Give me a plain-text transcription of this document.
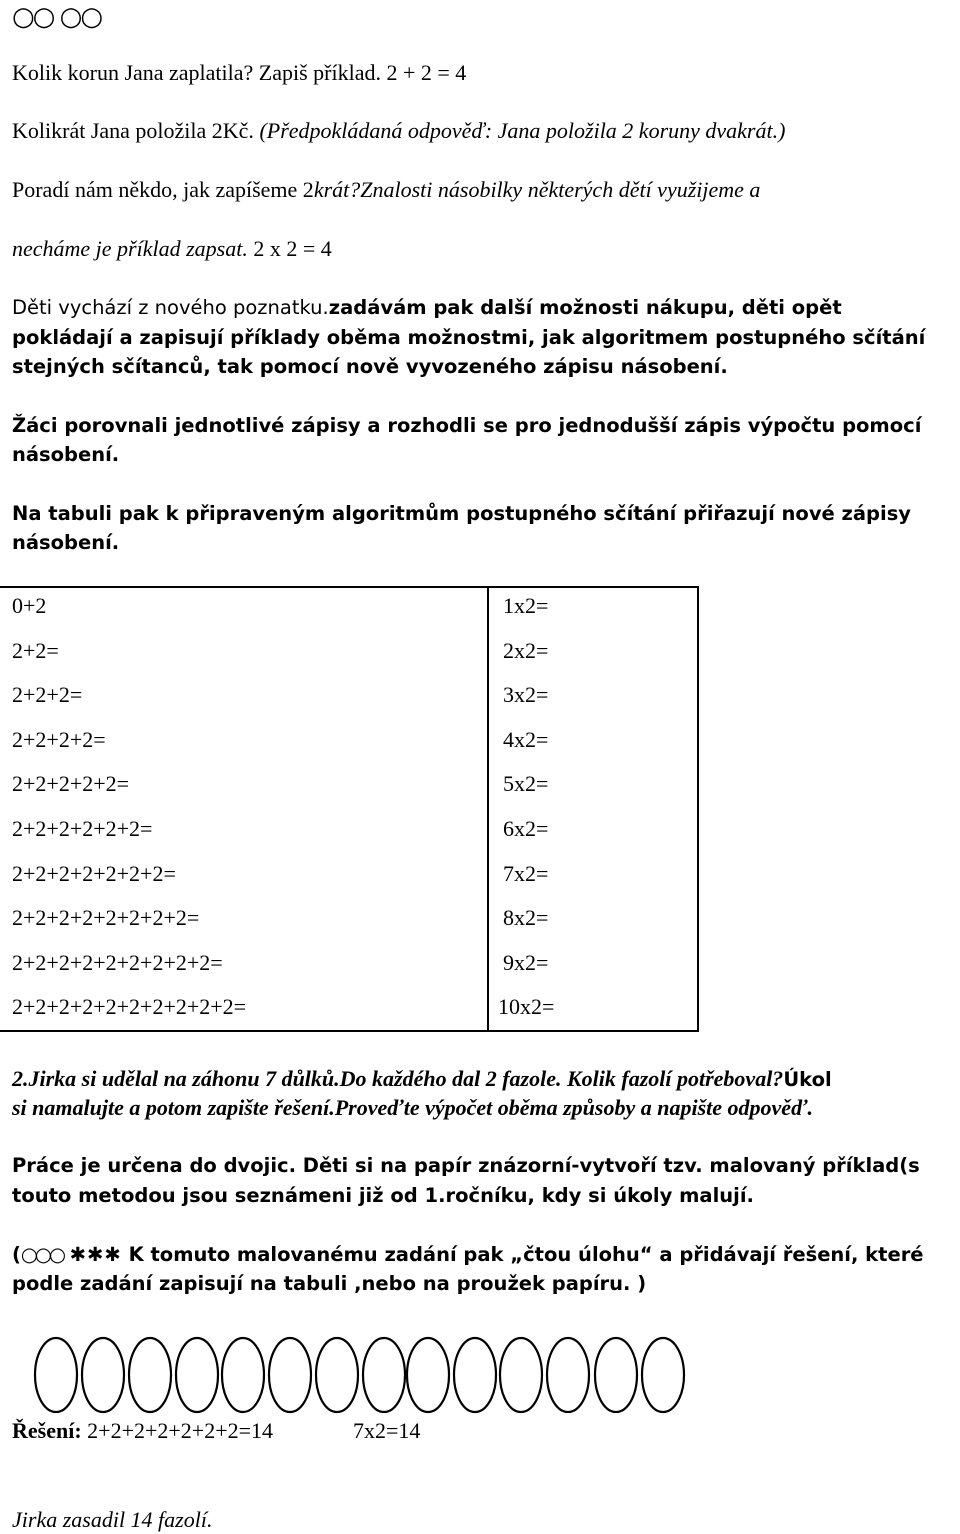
○○ ○○
Kolik korun Jana zaplatila? Zapiš příklad. 2 + 2 = 4
Kolikrát Jana položila 2Kč. (Předpokládaná odpověď: Jana položila 2 koruny dvakrát.)
Poradí nám někdo, jak zapíšeme 2krát?Znalosti násobilky některých dětí využijeme a
necháme je příklad zapsat. 2 x 2 = 4
Děti vychází z nového poznatku.zadávám pak další možnosti nákupu, děti opět
pokládají a zapisují příklady oběma možnostmi, jak algoritmem postupného sčítání
stejných sčítanců, tak pomocí nově vyvozeného zápisu násobení.
Žáci porovnali jednotlivé zápisy a rozhodli se pro jednodušší zápis výpočtu pomocí
násobení.
Na tabuli pak k připraveným algoritmům postupného sčítání přiřazují nové zápisy
násobení.
0+2
2+2=
2+2+2=
2+2+2+2=
2+2+2+2+2=
2+2+2+2+2+2=
2+2+2+2+2+2+2=
2+2+2+2+2+2+2+2=
2+2+2+2+2+2+2+2+2=
2+2+2+2+2+2+2+2+2+2=
1x2=
2x2=
3x2=
4x2=
5x2=
6x2=
7x2=
8x2=
9x2=
10x2=
2.Jirka si udělal na záhonu 7 důlků.Do každého dal 2 fazole. Kolik fazolí potřeboval?Úkol
si namalujte a potom zapište řešení.Proveďte výpočet oběma způsoby a napište odpověď.
Práce je určena do dvojic. Děti si na papír znázorní-vytvoří tzv. malovaný příklad(s
touto metodou jsou seznámeni již od 1.ročníku, kdy si úkoly malují.
(○○○ ✱✱✱ K tomuto malovanému zadání pak „čtou úlohu“ a přidávají řešení, které
podle zadání zapisují na tabuli ,nebo na proužek papíru. )
Řešení: 2+2+2+2+2+2+2=14	7x2=14
Jirka zasadil 14 fazolí.
